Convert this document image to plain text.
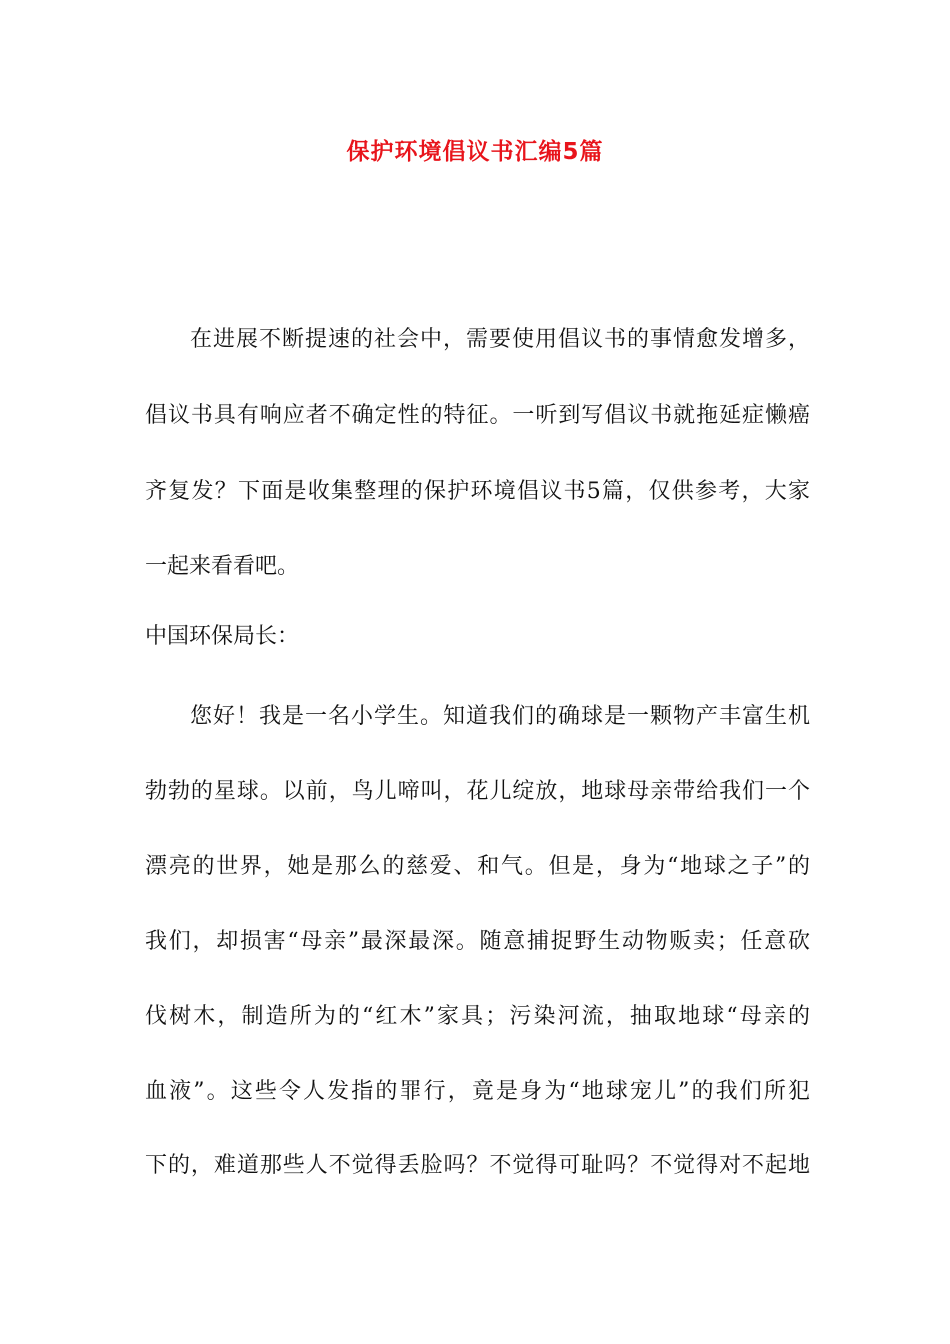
保护环境倡议书汇编5篇
在进展不断提速的社会中，需要使用倡议书的事情愈发增多，
倡议书具有响应者不确定性的特征。一听到写倡议书就拖延症懒癌
齐复发？下面是收集整理的保护环境倡议书5篇，仅供参考，大家
一起来看看吧。
中国环保局长：
您好！我是一名小学生。知道我们的确球是一颗物产丰富生机
勃勃的星球。以前，鸟儿啼叫，花儿绽放，地球母亲带给我们一个
漂亮的世界，她是那么的慈爱、和气。但是，身为“地球之子”的
我们，却损害“母亲”最深最深。随意捕捉野生动物贩卖；任意砍
伐树木，制造所为的“红木”家具；污染河流，抽取地球“母亲的
血液”。这些令人发指的罪行，竟是身为“地球宠儿”的我们所犯
下的，难道那些人不觉得丢脸吗？不觉得可耻吗？不觉得对不起地
